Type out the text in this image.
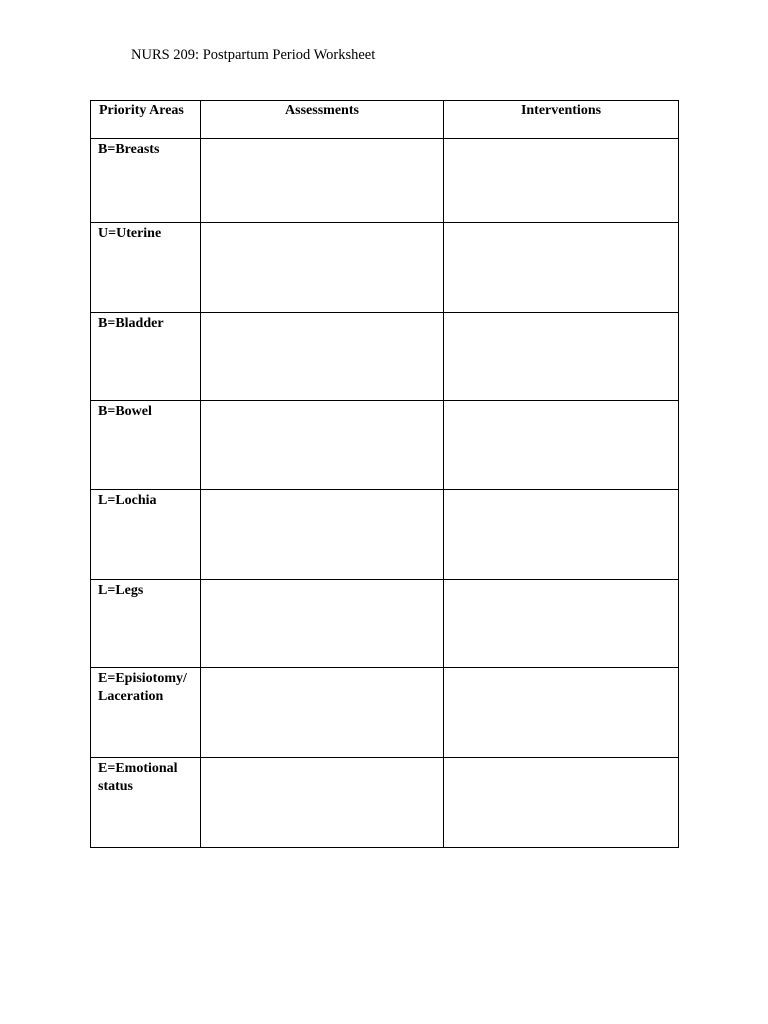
NURS 209: Postpartum Period Worksheet
Priority Areas	Assessments	Interventions

B=Breasts		

U=Uterine		

B=Bladder		

B=Bowel		

L=Lochia		

L=Legs		

E=Episiotomy/
Laceration		

E=Emotional
status		
